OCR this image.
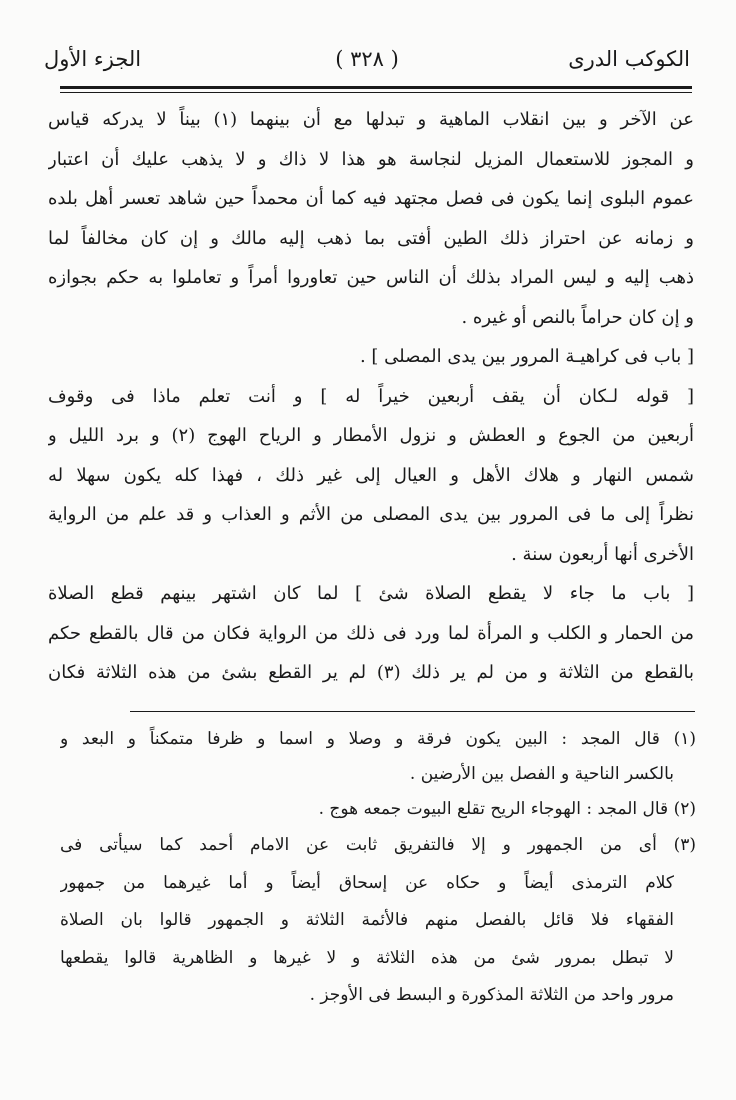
الكوكب الدرى
( ٣٢٨ )
الجزء الأول
عن الآخر و بين انقلاب الماهية و تبدلها مع أن بينهما (١) بيناً لا يدركه قياس
و المجوز للاستعمال المزيل لنجاسة هو هذا لا ذاك و لا يذهب عليك أن اعتبار
عموم البلوى إنما يكون فى فصل مجتهد فيه كما أن محمداً حين شاهد تعسر أهل بلده
و زمانه عن احتراز ذلك الطين أفتى بما ذهب إليه مالك و إن كان مخالفاً لما
ذهب إليه و ليس المراد بذلك أن الناس حين تعاوروا أمراً و تعاملوا به حكم بجوازه
و إن كان حراماً بالنص أو غيره .
[ باب فى كراهيـة المرور بين يدى المصلى ] .
[ قوله لـكان أن يقف أربعين خيراً له ] و أنت تعلم ماذا فى وقوف
أربعين من الجوع و العطش و نزول الأمطار و الرياح الهوج (٢) و برد الليل و
شمس النهار و هلاك الأهل و العيال إلى غير ذلك ، فهذا كله يكون سهلا له
نظراً إلى ما فى المرور بين يدى المصلى من الأثم و العذاب و قد علم من الرواية
الأخرى أنها أربعون سنة .
[ باب ما جاء لا يقطع الصلاة شئ ] لما كان اشتهر بينهم قطع الصلاة
من الحمار و الكلب و المرأة لما ورد فى ذلك من الرواية فكان من قال بالقطع حكم
بالقطع من الثلاثة و من لم ير ذلك (٣) لم ير القطع بشئ من هذه الثلاثة فكان
(١) قال المجد : البين يكون فرقة و وصلا و اسما و ظرفا متمكناً و البعد و
بالكسر الناحية و الفصل بين الأرضين .
(٢) قال المجد : الهوجاء الريح تقلع البيوت جمعه هوج .
(٣) أى من الجمهور و إلا فالتفريق ثابت عن الامام أحمد كما سيأتى فى
كلام الترمذى أيضاً و حكاه عن إسحاق أيضاً و أما غيرهما من جمهور
الفقهاء فلا قائل بالفصل منهم فالأئمة الثلاثة و الجمهور قالوا بان الصلاة
لا تبطل بمرور شئ من هذه الثلاثة و لا غيرها و الظاهرية قالوا يقطعها
مرور واحد من الثلاثة المذكورة و البسط فى الأوجز .
